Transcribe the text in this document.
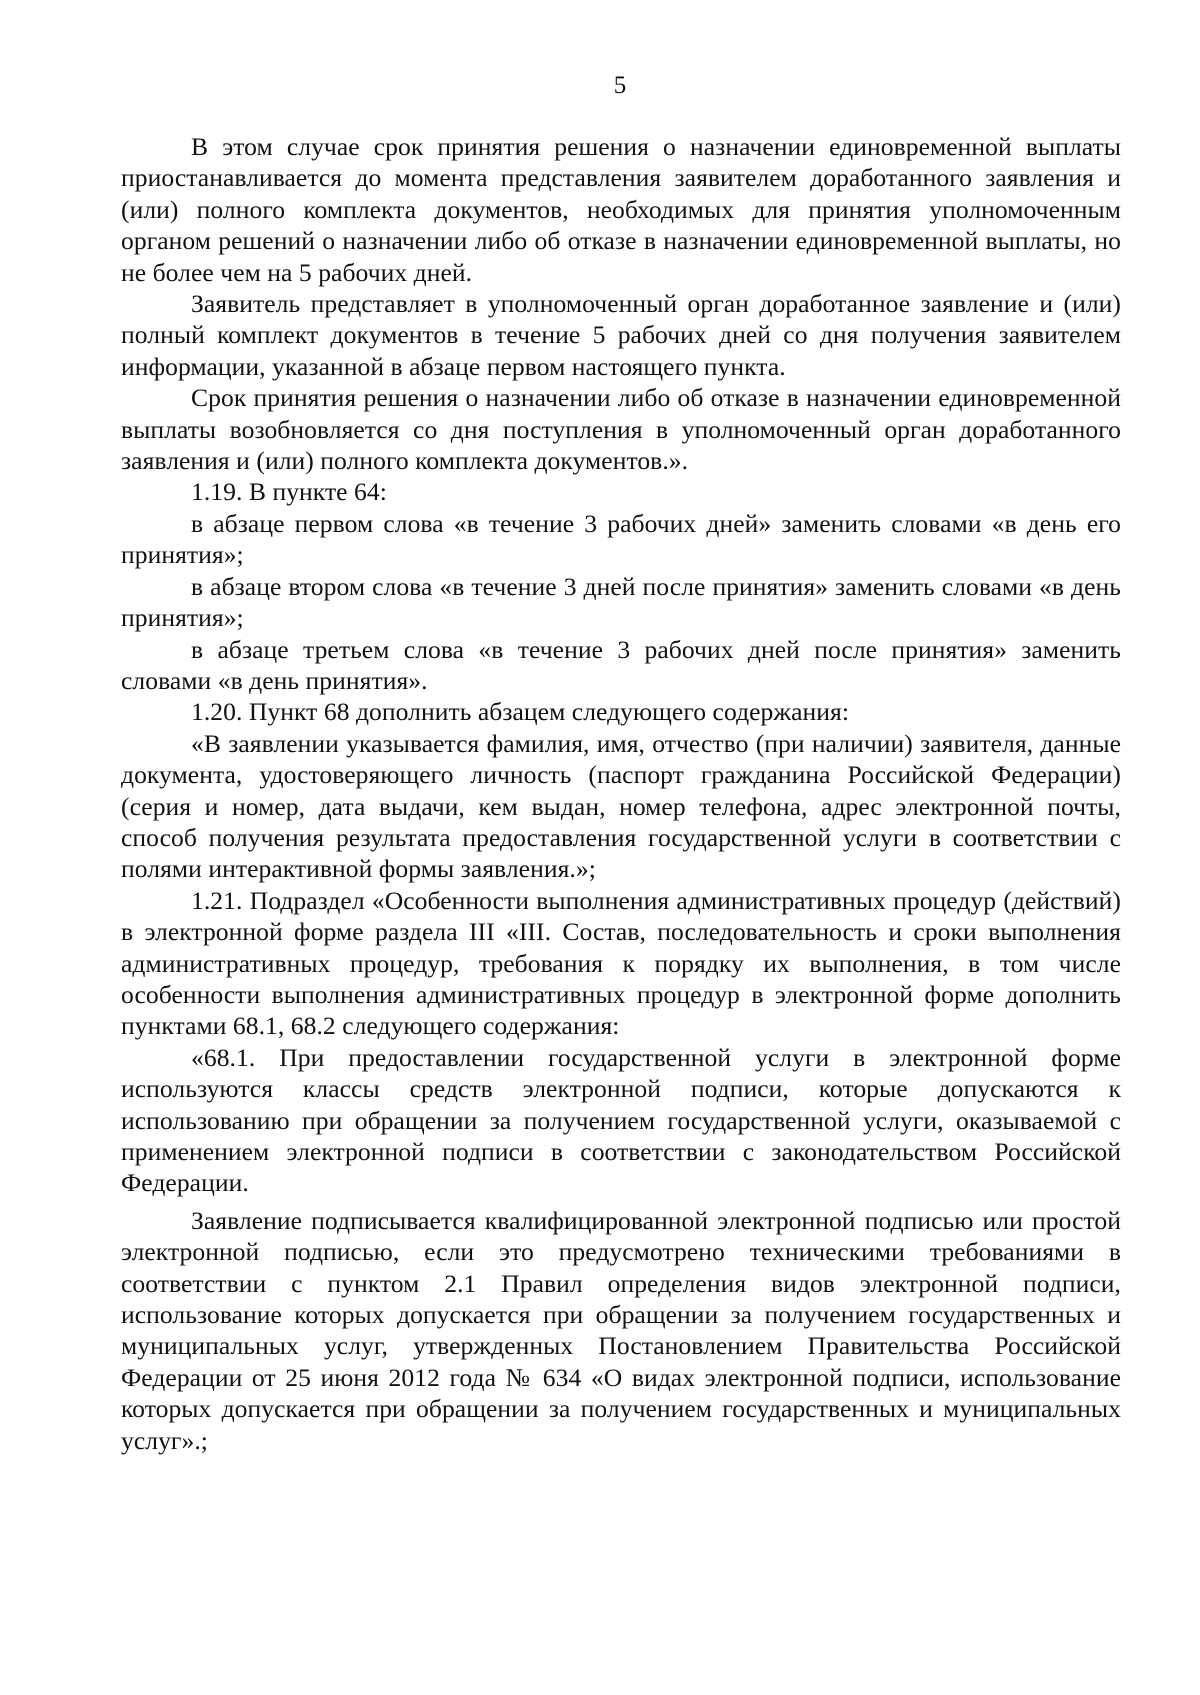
5

В этом случае срок принятия решения о назначении единовременной выплаты приостанавливается до момента представления заявителем доработанного заявления и (или) полного комплекта документов, необходимых для принятия уполномоченным органом решений о назначении либо об отказе в назначении единовременной выплаты, но не более чем на 5 рабочих дней.

Заявитель представляет в уполномоченный орган доработанное заявление и (или) полный комплект документов в течение 5 рабочих дней со дня получения заявителем информации, указанной в абзаце первом настоящего пункта.

Срок принятия решения о назначении либо об отказе в назначении единовременной выплаты возобновляется со дня поступления в уполномоченный орган доработанного заявления и (или) полного комплекта документов.».

1.19. В пункте 64:

в абзаце первом слова «в течение 3 рабочих дней» заменить словами «в день его принятия»;

в абзаце втором слова «в течение 3 дней после принятия» заменить словами «в день принятия»;

в абзаце третьем слова «в течение 3 рабочих дней после принятия» заменить словами «в день принятия».

1.20. Пункт 68 дополнить абзацем следующего содержания:

«В заявлении указывается фамилия, имя, отчество (при наличии) заявителя, данные документа, удостоверяющего личность (паспорт гражданина Российской Федерации) (серия и номер, дата выдачи, кем выдан, номер телефона, адрес электронной почты, способ получения результата предоставления государственной услуги в соответствии с полями интерактивной формы заявления.»;

1.21. Подраздел «Особенности выполнения административных процедур (действий) в электронной форме раздела III «III. Состав, последовательность и сроки выполнения административных процедур, требования к порядку их выполнения, в том числе особенности выполнения административных процедур в электронной форме дополнить пунктами 68.1, 68.2 следующего содержания:

«68.1. При предоставлении государственной услуги в электронной форме используются классы средств электронной подписи, которые допускаются к использованию при обращении за получением государственной услуги, оказываемой с применением электронной подписи в соответствии с законодательством Российской Федерации.

Заявление подписывается квалифицированной электронной подписью или простой электронной подписью, если это предусмотрено техническими требованиями в соответствии с пунктом 2.1 Правил определения видов электронной подписи, использование которых допускается при обращении за получением государственных и муниципальных услуг, утвержденных Постановлением Правительства Российской Федерации от 25 июня 2012 года № 634 «О видах электронной подписи, использование которых допускается при обращении за получением государственных и муниципальных услуг».;
